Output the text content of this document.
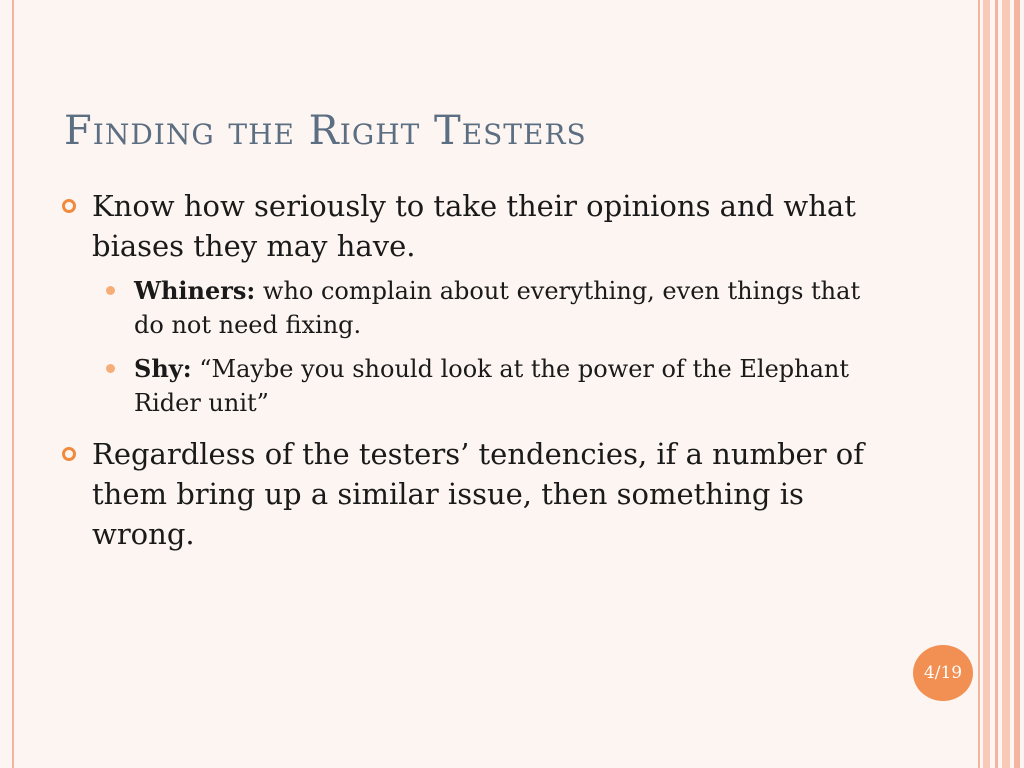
Finding the Right Testers
Know how seriously to take their opinions and what biases they may have.
Whiners: who complain about everything, even things that do not need fixing.
Shy: “Maybe you should look at the power of the Elephant Rider unit”
Regardless of the testers’ tendencies, if a number of them bring up a similar issue, then something is wrong.
4/19
